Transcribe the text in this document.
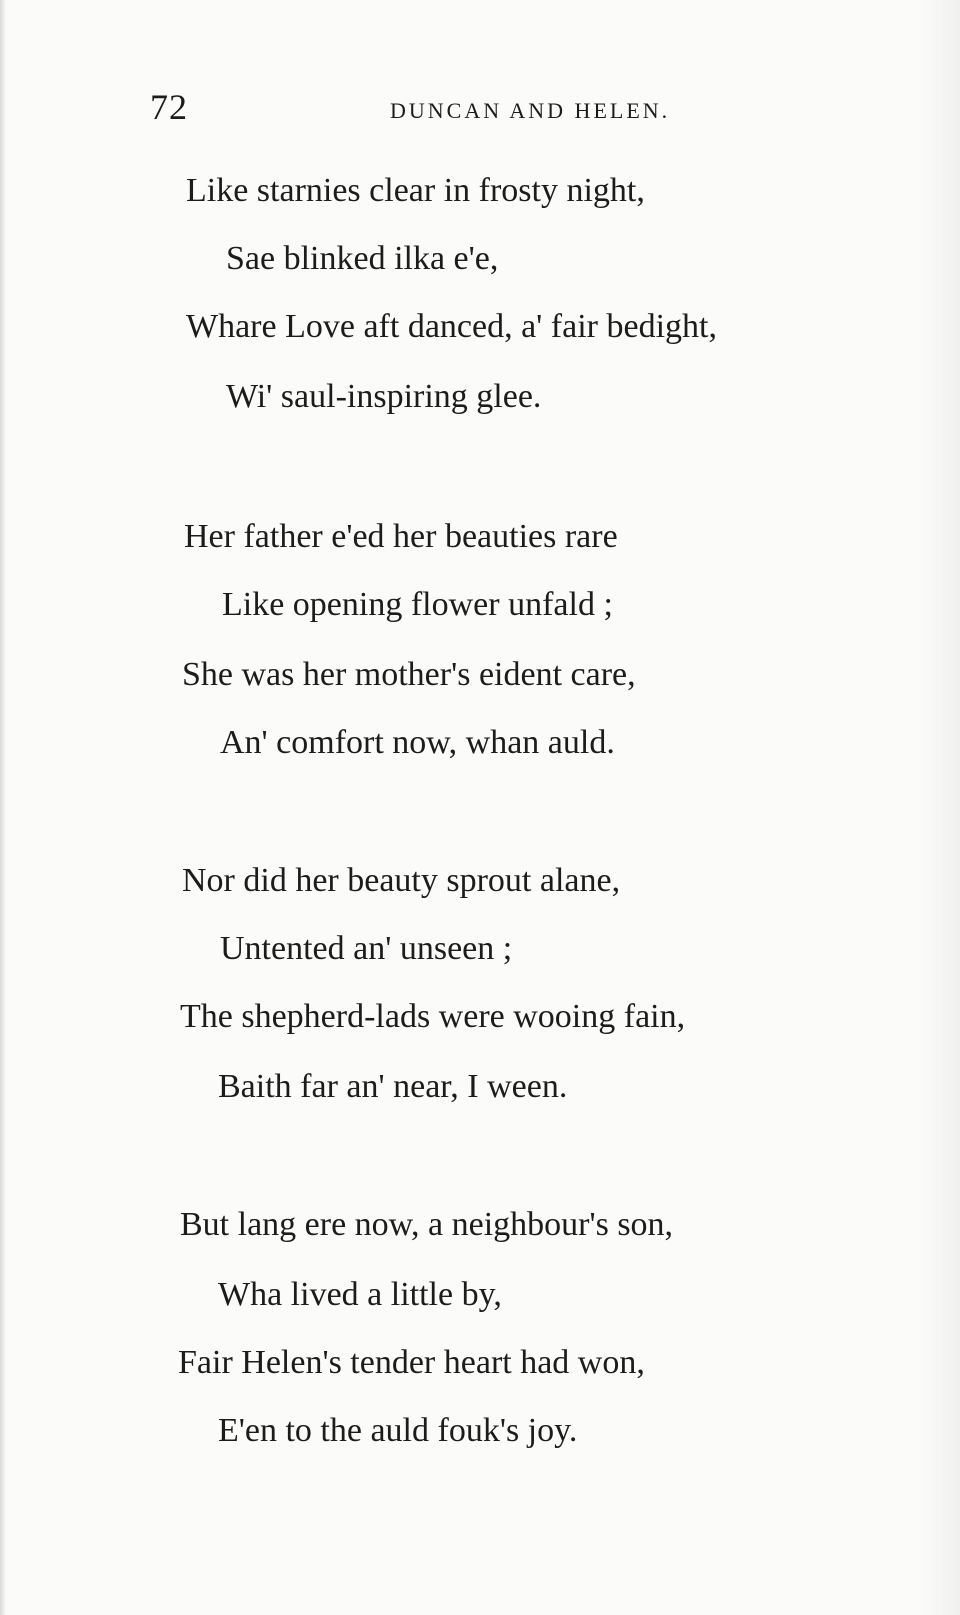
72	DUNCAN AND HELEN.
Like starnies clear in frosty night,
Sae blinked ilka e'e,
Whare Love aft danced, a' fair bedight,
Wi' saul-inspiring glee.
Her father e'ed her beauties rare
Like opening flower unfald ;
She was her mother's eident care,
An' comfort now, whan auld.
Nor did her beauty sprout alane,
Untented an' unseen ;
The shepherd-lads were wooing fain,
Baith far an' near, I ween.
But lang ere now, a neighbour's son,
Wha lived a little by,
Fair Helen's tender heart had won,
E'en to the auld fouk's joy.
